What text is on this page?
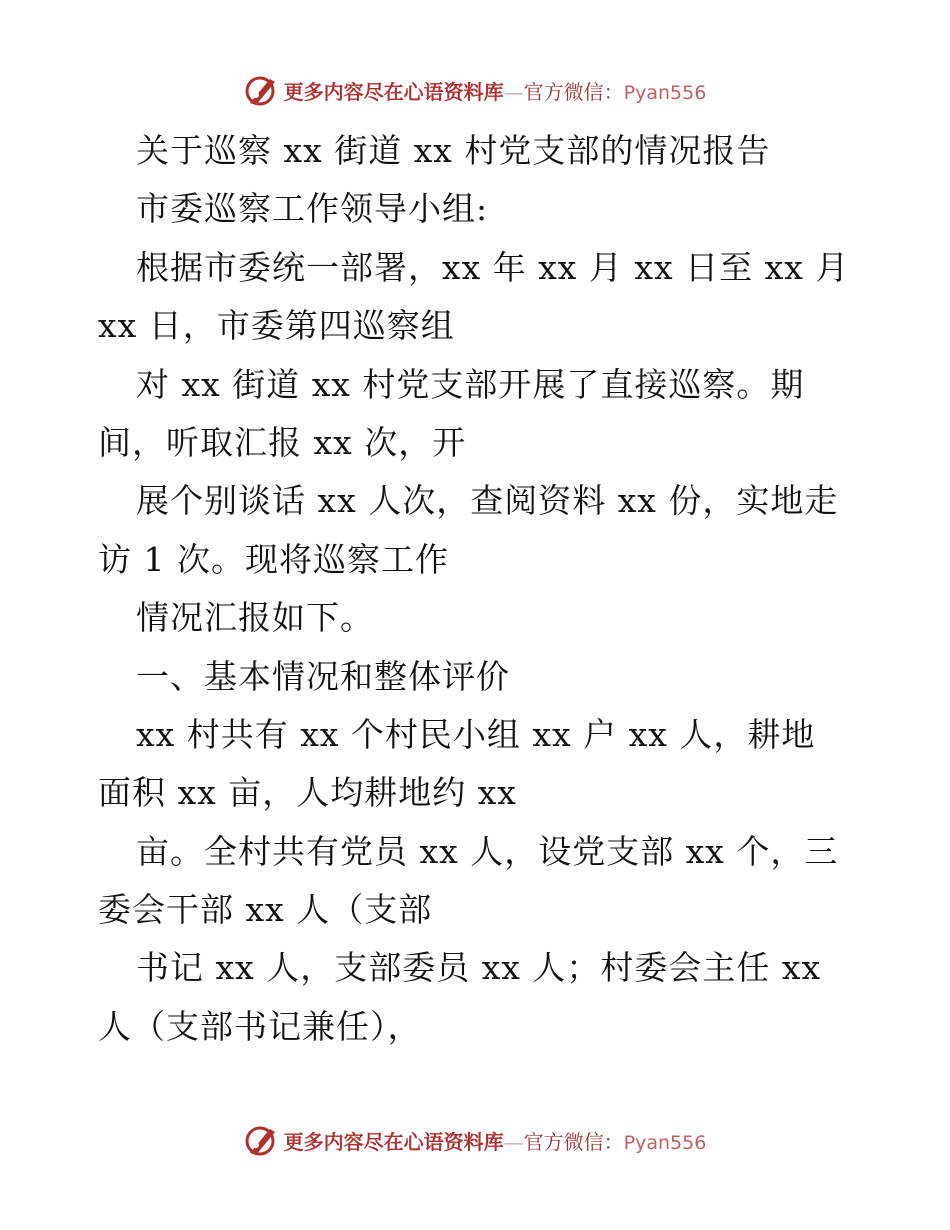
更多内容尽在心语资料库—官方微信：Pyan556
关于巡察 xx 街道 xx 村党支部的情况报告
市委巡察工作领导小组:
根据市委统一部署，xx 年 xx 月 xx 日至 xx 月
xx 日，市委第四巡察组
对 xx 街道 xx 村党支部开展了直接巡察。期
间，听取汇报 xx 次，开
展个别谈话 xx 人次，查阅资料 xx 份，实地走
访 1 次。现将巡察工作
情况汇报如下。
一、基本情况和整体评价
xx 村共有 xx 个村民小组 xx 户 xx 人，耕地
面积 xx 亩，人均耕地约 xx
亩。全村共有党员 xx 人，设党支部 xx 个，三
委会干部 xx 人（支部
书记 xx 人，支部委员 xx 人；村委会主任 xx
人（支部书记兼任），
更多内容尽在心语资料库—官方微信：Pyan556
